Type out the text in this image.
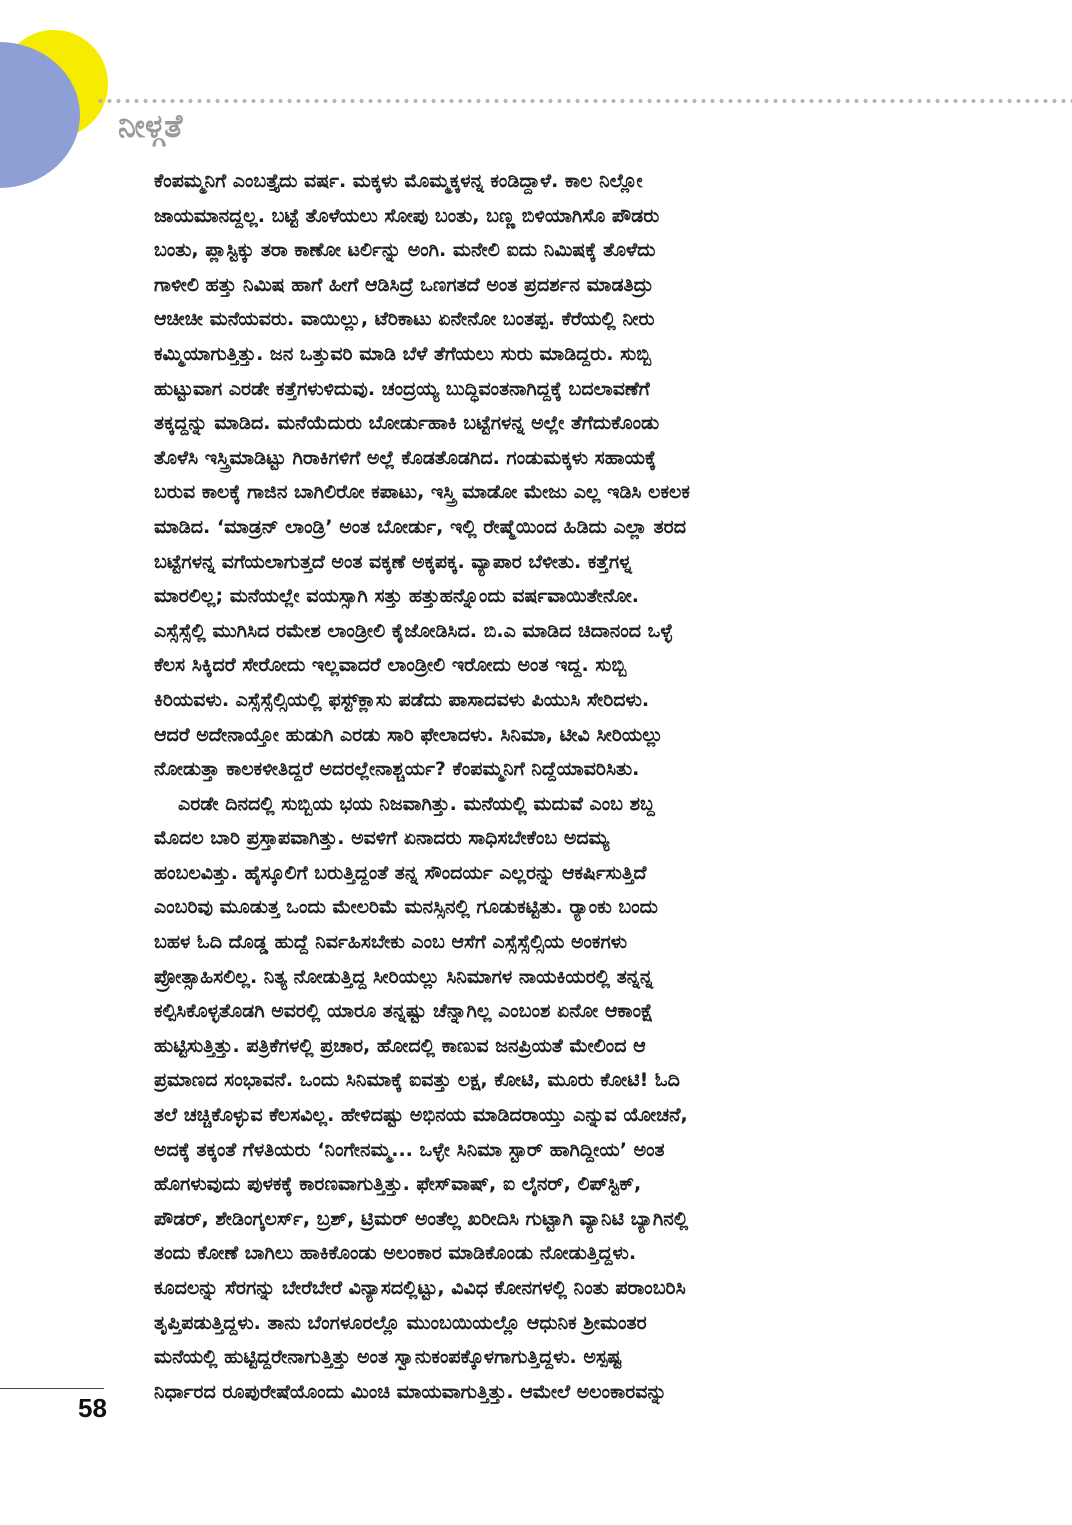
ನೀಳ್ಗತೆ
ಕೆಂಪಮ್ಮನಿಗೆ ಎಂಬತ್ತೈದು ವರ್ಷ. ಮಕ್ಕಳು ಮೊಮ್ಮಕ್ಕಳನ್ನ ಕಂಡಿದ್ದಾಳೆ. ಕಾಲ ನಿಲ್ಲೋ
ಜಾಯಮಾನದ್ದಲ್ಲ. ಬಟ್ಟೆ ತೊಳೆಯಲು ಸೋಪು ಬಂತು, ಬಣ್ಣ ಬಿಳಿಯಾಗಿಸೊ ಪೌಡರು
ಬಂತು, ಪ್ಲಾಸ್ಟಿಕ್ಕು ತರಾ ಕಾಣೋ ಟರ್ಲಿನ್ನು ಅಂಗಿ. ಮನೇಲಿ ಐದು ನಿಮಿಷಕ್ಕೆ ತೊಳೆದು
ಗಾಳೀಲಿ ಹತ್ತು ನಿಮಿಷ ಹಾಗೆ ಹೀಗೆ ಆಡಿಸಿದ್ರೆ ಒಣಗತದೆ ಅಂತ ಪ್ರದರ್ಶನ ಮಾಡತಿದ್ರು
ಆಚೀಚೀ ಮನೆಯವರು. ವಾಯಿಲ್ಲು, ಟೆರಿಕಾಟು ಏನೇನೋ ಬಂತಪ್ಪ. ಕೆರೆಯಲ್ಲಿ ನೀರು
ಕಮ್ಮಿಯಾಗುತ್ತಿತ್ತು. ಜನ ಒತ್ತುವರಿ ಮಾಡಿ ಬೆಳೆ ತೆಗೆಯಲು ಸುರು ಮಾಡಿದ್ದರು. ಸುಬ್ಬಿ
ಹುಟ್ಟುವಾಗ ಎರಡೇ ಕತ್ತೆಗಳುಳಿದುವು. ಚಂದ್ರಯ್ಯ ಬುದ್ಧಿವಂತನಾಗಿದ್ದಕ್ಕೆ ಬದಲಾವಣೆಗೆ
ತಕ್ಕದ್ದನ್ನು ಮಾಡಿದ. ಮನೆಯೆದುರು ಬೋರ್ಡುಹಾಕಿ ಬಟ್ಟೆಗಳನ್ನ ಅಲ್ಲೇ ತೆಗೆದುಕೊಂಡು
ತೊಳೆಸಿ ಇಸ್ತ್ರಿಮಾಡಿಟ್ಟು ಗಿರಾಕಿಗಳಿಗೆ ಅಲ್ಲೆ ಕೊಡತೊಡಗಿದ. ಗಂಡುಮಕ್ಕಳು ಸಹಾಯಕ್ಕೆ
ಬರುವ ಕಾಲಕ್ಕೆ ಗಾಜಿನ ಬಾಗಿಲಿರೋ ಕಪಾಟು, ಇಸ್ತ್ರಿ ಮಾಡೋ ಮೇಜು ಎಲ್ಲ ಇಡಿಸಿ ಲಕಲಕ
ಮಾಡಿದ. ‘ಮಾಡ್ರನ್ ಲಾಂಡ್ರಿ’ ಅಂತ ಬೋರ್ಡು, ಇಲ್ಲಿ ರೇಷ್ಮೆಯಿಂದ ಹಿಡಿದು ಎಲ್ಲಾ ತರದ
ಬಟ್ಟೆಗಳನ್ನ ವಗೆಯಲಾಗುತ್ತದೆ ಅಂತ ವಕ್ಕಣೆ ಅಕ್ಕಪಕ್ಕ. ವ್ಯಾಪಾರ ಬೆಳೀತು. ಕತ್ತೆಗಳ್ನ
ಮಾರಲಿಲ್ಲ; ಮನೆಯಲ್ಲೇ ವಯಸ್ಸಾಗಿ ಸತ್ತು ಹತ್ತುಹನ್ನೊಂದು ವರ್ಷವಾಯಿತೇನೋ.
ಎಸ್ಸೆಸ್ಸೆಲ್ಲಿ ಮುಗಿಸಿದ ರಮೇಶ ಲಾಂಡ್ರೀಲಿ ಕೈಜೋಡಿಸಿದ. ಬಿ.ಎ ಮಾಡಿದ ಚಿದಾನಂದ ಒಳ್ಳೆ
ಕೆಲಸ ಸಿಕ್ಕಿದರೆ ಸೇರೋದು ಇಲ್ಲವಾದರೆ ಲಾಂಡ್ರೀಲಿ ಇರೋದು ಅಂತ ಇದ್ದ. ಸುಬ್ಬಿ
ಕಿರಿಯವಳು. ಎಸ್ಸೆಸ್ಸೆಲ್ಸಿಯಲ್ಲಿ ಫಸ್ಟ್‌ಕ್ಲಾಸು ಪಡೆದು ಪಾಸಾದವಳು ಪಿಯುಸಿ ಸೇರಿದಳು.
ಆದರೆ ಅದೇನಾಯ್ತೋ ಹುಡುಗಿ ಎರಡು ಸಾರಿ ಫೇಲಾದಳು. ಸಿನಿಮಾ, ಟೀವಿ ಸೀರಿಯಲ್ಲು
ನೋಡುತ್ತಾ ಕಾಲಕಳೀತಿದ್ದರೆ ಅದರಲ್ಲೇನಾಶ್ಚರ್ಯ? ಕೆಂಪಮ್ಮನಿಗೆ ನಿದ್ದೆಯಾವರಿಸಿತು.
ಎರಡೇ ದಿನದಲ್ಲಿ ಸುಬ್ಬಿಯ ಭಯ ನಿಜವಾಗಿತ್ತು. ಮನೆಯಲ್ಲಿ ಮದುವೆ ಎಂಬ ಶಬ್ದ
ಮೊದಲ ಬಾರಿ ಪ್ರಸ್ತಾಪವಾಗಿತ್ತು. ಅವಳಿಗೆ ಏನಾದರು ಸಾಧಿಸಬೇಕೆಂಬ ಅದಮ್ಯ
ಹಂಬಲವಿತ್ತು. ಹೈಸ್ಕೂಲಿಗೆ ಬರುತ್ತಿದ್ದಂತೆ ತನ್ನ ಸೌಂದರ್ಯ ಎಲ್ಲರನ್ನು ಆಕರ್ಷಿಸುತ್ತಿದೆ
ಎಂಬರಿವು ಮೂಡುತ್ತ ಒಂದು ಮೇಲರಿಮೆ ಮನಸ್ಸಿನಲ್ಲಿ ಗೂಡುಕಟ್ಟಿತು. ರ‍್ಯಾಂಕು ಬಂದು
ಬಹಳ ಓದಿ ದೊಡ್ಡ ಹುದ್ದೆ ನಿರ್ವಹಿಸಬೇಕು ಎಂಬ ಆಸೆಗೆ ಎಸ್ಸೆಸ್ಸೆಲ್ಸಿಯ ಅಂಕಗಳು
ಪ್ರೋತ್ಸಾಹಿಸಲಿಲ್ಲ. ನಿತ್ಯ ನೋಡುತ್ತಿದ್ದ ಸೀರಿಯಲ್ಲು ಸಿನಿಮಾಗಳ ನಾಯಕಿಯರಲ್ಲಿ ತನ್ನನ್ನ
ಕಲ್ಪಿಸಿಕೊಳ್ಳತೊಡಗಿ ಅವರಲ್ಲಿ ಯಾರೂ ತನ್ನಷ್ಟು ಚೆನ್ನಾಗಿಲ್ಲ ಎಂಬಂಶ ಏನೋ ಆಕಾಂಕ್ಷೆ
ಹುಟ್ಟಿಸುತ್ತಿತ್ತು. ಪತ್ರಿಕೆಗಳಲ್ಲಿ ಪ್ರಚಾರ, ಹೋದಲ್ಲಿ ಕಾಣುವ ಜನಪ್ರಿಯತೆ ಮೇಲಿಂದ ಆ
ಪ್ರಮಾಣದ ಸಂಭಾವನೆ. ಒಂದು ಸಿನಿಮಾಕ್ಕೆ ಐವತ್ತು ಲಕ್ಷ, ಕೋಟಿ, ಮೂರು ಕೋಟಿ! ಓದಿ
ತಲೆ ಚಚ್ಚಿಕೊಳ್ಳುವ ಕೆಲಸವಿಲ್ಲ. ಹೇಳಿದಷ್ಟು ಅಭಿನಯ ಮಾಡಿದರಾಯ್ತು ಎನ್ನುವ ಯೋಚನೆ,
ಅದಕ್ಕೆ ತಕ್ಕಂತೆ ಗೆಳತಿಯರು ‘ನಿಂಗೇನಮ್ಮ... ಒಳ್ಳೇ ಸಿನಿಮಾ ಸ್ಟಾರ್ ಹಾಗಿದ್ದೀಯ’ ಅಂತ
ಹೊಗಳುವುದು ಪುಳಕಕ್ಕೆ ಕಾರಣವಾಗುತ್ತಿತ್ತು. ಫೇಸ್‌ವಾಷ್, ಐ ಲೈನರ್, ಲಿಪ್‌ಸ್ಟಿಕ್,
ಪೌಡರ್, ಶೇಡಿಂಗ್ಕಲರ್ಸ್, ಬ್ರಶ್, ಟ್ರಿಮರ್ ಅಂತೆಲ್ಲ ಖರೀದಿಸಿ ಗುಟ್ಟಾಗಿ ವ್ಯಾನಿಟಿ ಬ್ಯಾಗಿನಲ್ಲಿ
ತಂದು ಕೋಣೆ ಬಾಗಿಲು ಹಾಕಿಕೊಂಡು ಅಲಂಕಾರ ಮಾಡಿಕೊಂಡು ನೋಡುತ್ತಿದ್ದಳು.
ಕೂದಲನ್ನು ಸೆರಗನ್ನು ಬೇರೆಬೇರೆ ವಿನ್ಯಾಸದಲ್ಲಿಟ್ಟು, ವಿವಿಧ ಕೋನಗಳಲ್ಲಿ ನಿಂತು ಪರಾಂಬರಿಸಿ
ತೃಪ್ತಿಪಡುತ್ತಿದ್ದಳು. ತಾನು ಬೆಂಗಳೂರಲ್ಲೊ ಮುಂಬಯಿಯಲ್ಲೊ ಆಧುನಿಕ ಶ್ರೀಮಂತರ
ಮನೆಯಲ್ಲಿ ಹುಟ್ಟಿದ್ದರೇನಾಗುತ್ತಿತ್ತು ಅಂತ ಸ್ವಾನುಕಂಪಕ್ಕೊಳಗಾಗುತ್ತಿದ್ದಳು. ಅಸ್ಪಷ್ಟ
ನಿರ್ಧಾರದ ರೂಪುರೇಷೆಯೊಂದು ಮಿಂಚಿ ಮಾಯವಾಗುತ್ತಿತ್ತು. ಆಮೇಲೆ ಅಲಂಕಾರವನ್ನು
58
